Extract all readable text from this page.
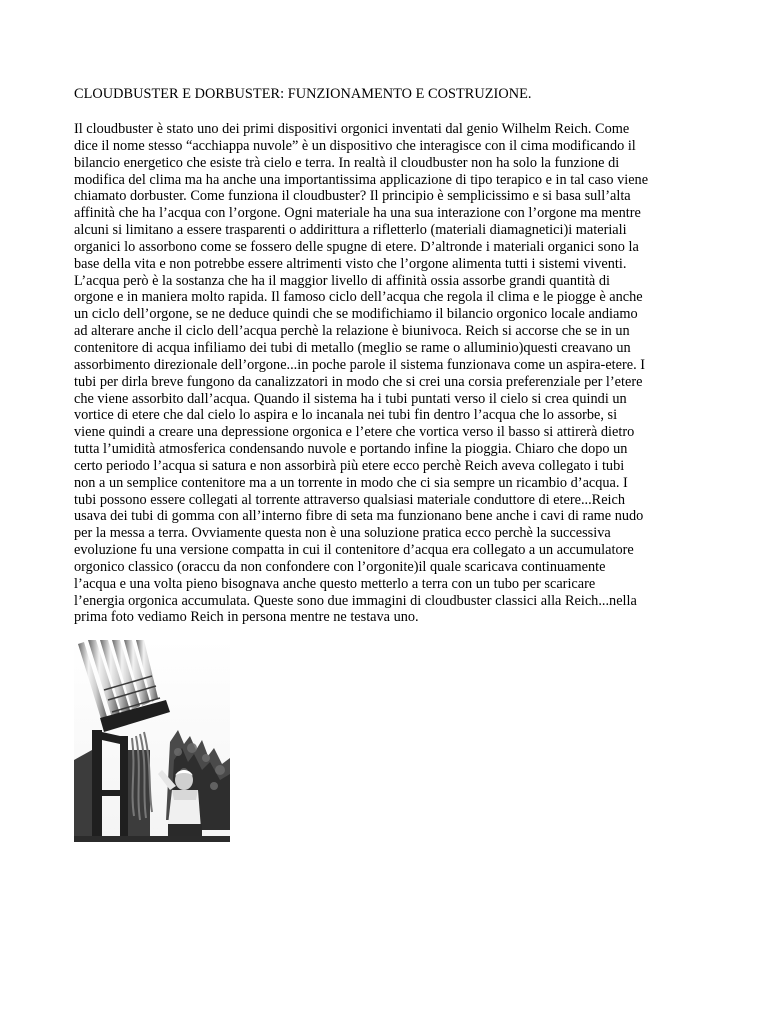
CLOUDBUSTER E DORBUSTER: FUNZIONAMENTO E COSTRUZIONE.
Il cloudbuster è stato uno dei primi dispositivi orgonici inventati dal genio Wilhelm Reich. Come
dice il nome stesso “acchiappa nuvole” è un dispositivo che interagisce con il cima modificando il
bilancio energetico che esiste trà cielo e terra. In realtà il cloudbuster non ha solo la funzione di
modifica del clima ma ha anche una importantissima applicazione di tipo terapico e in tal caso viene
chiamato dorbuster. Come funziona il cloudbuster? Il principio è semplicissimo e si basa sull’alta
affinità che ha l’acqua con l’orgone. Ogni materiale ha una sua interazione con l’orgone ma mentre
alcuni si limitano a essere trasparenti o addirittura a rifletterlo (materiali diamagnetici)i materiali
organici lo assorbono come se fossero delle spugne di etere. D’altronde i materiali organici sono la
base della vita e non potrebbe essere altrimenti visto che l’orgone alimenta tutti i sistemi viventi.
L’acqua però è la sostanza che ha il maggior livello di affinità ossia assorbe grandi quantità di
orgone e in maniera molto rapida. Il famoso ciclo dell’acqua che regola il clima e le piogge è anche
un ciclo dell’orgone, se ne deduce quindi che se modifichiamo il bilancio orgonico locale andiamo
ad alterare anche il ciclo dell’acqua perchè la relazione è biunivoca. Reich si accorse che se in un
contenitore di acqua infiliamo dei tubi di metallo (meglio se rame o alluminio)questi creavano un
assorbimento direzionale dell’orgone...in poche parole il sistema funzionava come un aspira-etere. I
tubi per dirla breve fungono da canalizzatori in modo che si crei una corsia preferenziale per l’etere
che viene assorbito dall’acqua. Quando il sistema ha i tubi puntati verso il cielo si crea quindi un
vortice di etere che dal cielo lo aspira e lo incanala nei tubi fin dentro l’acqua che lo assorbe, si
viene quindi a creare una depressione orgonica e l’etere che vortica verso il basso si attirerà dietro
tutta l’umidità atmosferica condensando nuvole e portando infine la pioggia. Chiaro che dopo un
certo periodo l’acqua si satura e non assorbirà più etere ecco perchè Reich aveva collegato i tubi
non a un semplice contenitore ma a un torrente in modo che ci sia sempre un ricambio d’acqua. I
tubi possono essere collegati al torrente attraverso qualsiasi materiale conduttore di etere...Reich
usava dei tubi di gomma con all’interno fibre di seta ma funzionano bene anche i cavi di rame nudo
per la messa a terra. Ovviamente questa non è una soluzione pratica ecco perchè la successiva
evoluzione fu una versione compatta in cui il contenitore d’acqua era collegato a un accumulatore
orgonico classico (oraccu da non confondere con l’orgonite)il quale scaricava continuamente
l’acqua e una volta pieno bisognava anche questo metterlo a terra con un tubo per scaricare
l’energia orgonica accumulata. Queste sono due immagini di cloudbuster classici alla Reich...nella
prima foto vediamo Reich in persona mentre ne testava uno.
